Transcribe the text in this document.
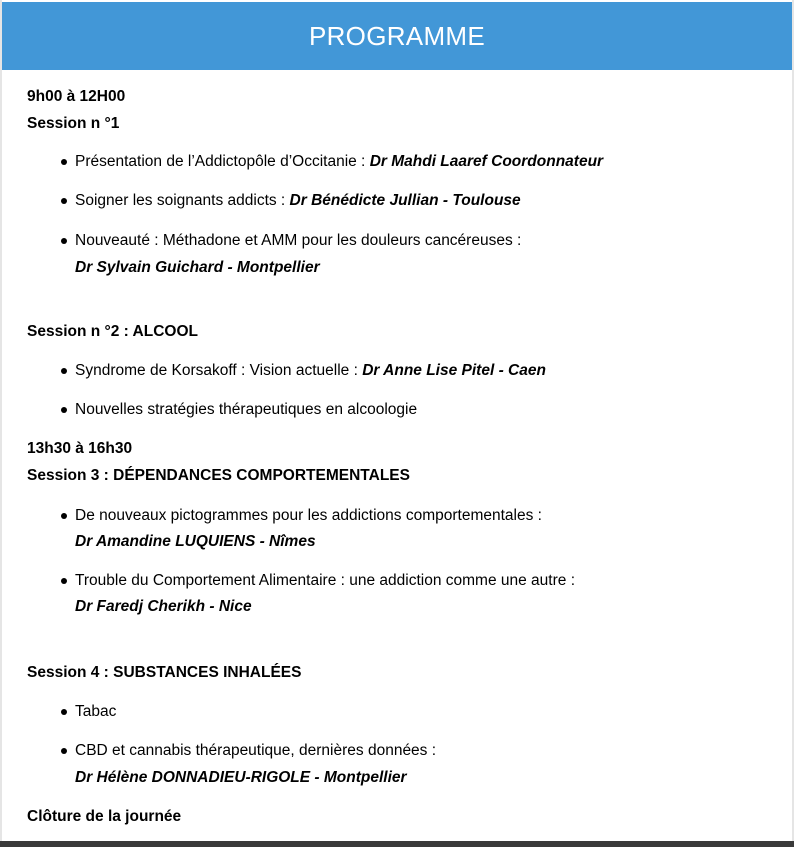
PROGRAMME
9h00 à 12H00
Session n °1
Présentation de l’Addictopôle d’Occitanie : Dr Mahdi Laaref Coordonnateur
Soigner les soignants addicts : Dr Bénédicte Jullian - Toulouse
Nouveauté : Méthadone et AMM pour les douleurs cancéreuses :
Dr Sylvain Guichard - Montpellier
Session n °2 : ALCOOL
Syndrome de Korsakoff : Vision actuelle : Dr Anne Lise Pitel - Caen
Nouvelles stratégies thérapeutiques en alcoologie
13h30 à 16h30
Session 3 : DÉPENDANCES COMPORTEMENTALES
De nouveaux pictogrammes pour les addictions comportementales :
Dr Amandine LUQUIENS - Nîmes
Trouble du Comportement Alimentaire : une addiction comme une autre :
Dr Faredj Cherikh - Nice
Session 4 : SUBSTANCES INHALÉES
Tabac
CBD et cannabis thérapeutique, dernières données :
Dr Hélène DONNADIEU-RIGOLE - Montpellier
Clôture de la journée
